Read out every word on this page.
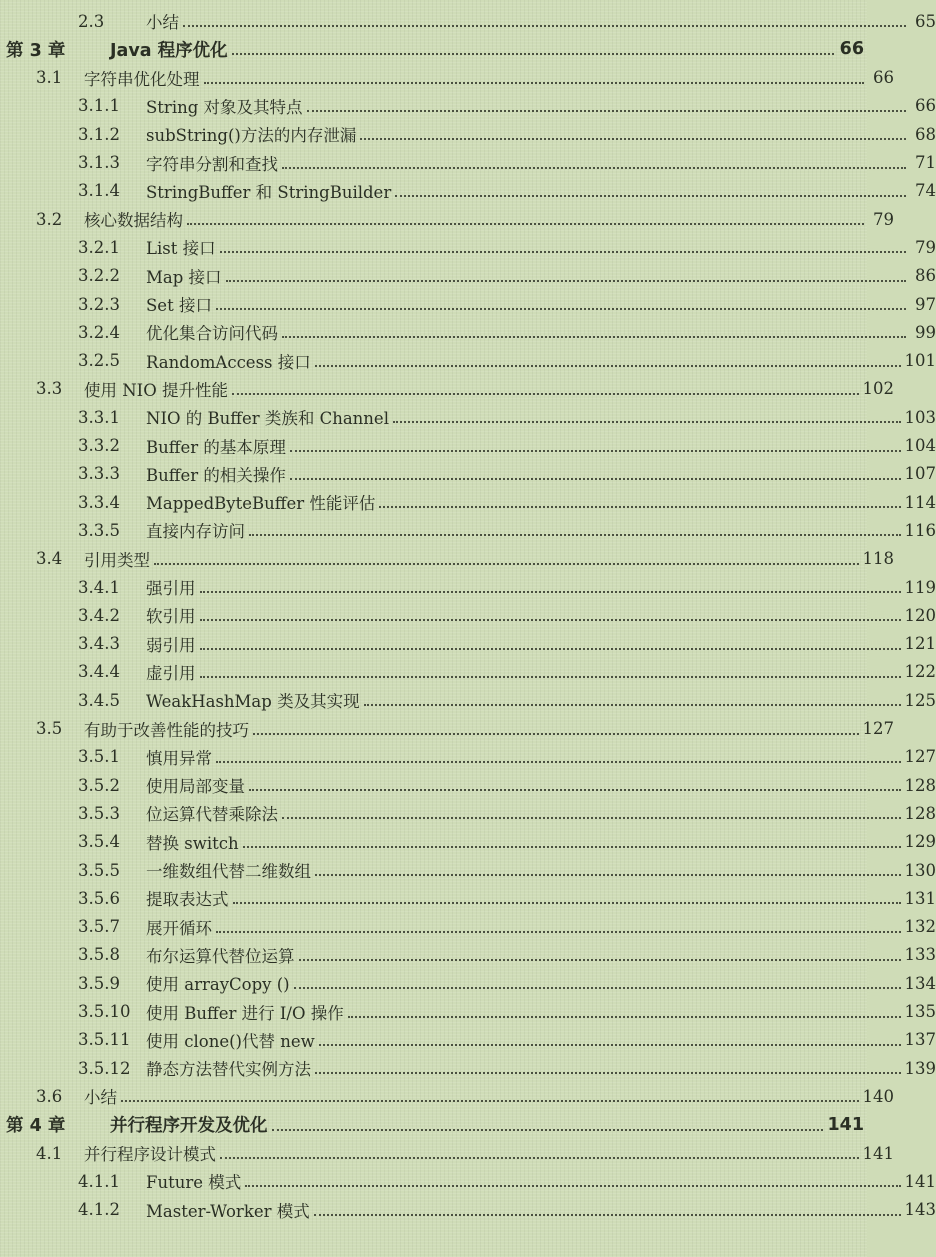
2.3	小结	65
第 3 章	Java 程序优化	66
3.1	字符串优化处理	66
3.1.1	String 对象及其特点	66
3.1.2	subString()方法的内存泄漏	68
3.1.3	字符串分割和查找	71
3.1.4	StringBuffer 和 StringBuilder	74
3.2	核心数据结构	79
3.2.1	List 接口	79
3.2.2	Map 接口	86
3.2.3	Set 接口	97
3.2.4	优化集合访问代码	99
3.2.5	RandomAccess 接口	101
3.3	使用 NIO 提升性能	102
3.3.1	NIO 的 Buffer 类族和 Channel	103
3.3.2	Buffer 的基本原理	104
3.3.3	Buffer 的相关操作	107
3.3.4	MappedByteBuffer 性能评估	114
3.3.5	直接内存访问	116
3.4	引用类型	118
3.4.1	强引用	119
3.4.2	软引用	120
3.4.3	弱引用	121
3.4.4	虚引用	122
3.4.5	WeakHashMap 类及其实现	125
3.5	有助于改善性能的技巧	127
3.5.1	慎用异常	127
3.5.2	使用局部变量	128
3.5.3	位运算代替乘除法	128
3.5.4	替换 switch	129
3.5.5	一维数组代替二维数组	130
3.5.6	提取表达式	131
3.5.7	展开循环	132
3.5.8	布尔运算代替位运算	133
3.5.9	使用 arrayCopy ()	134
3.5.10 使用 Buffer 进行 I/O 操作	135
3.5.11 使用 clone()代替 new	137
3.5.12 静态方法替代实例方法	139
3.6	小结	140
第 4 章	并行程序开发及优化	141
4.1	并行程序设计模式	141
4.1.1	Future 模式	141
4.1.2	Master-Worker 模式	143
